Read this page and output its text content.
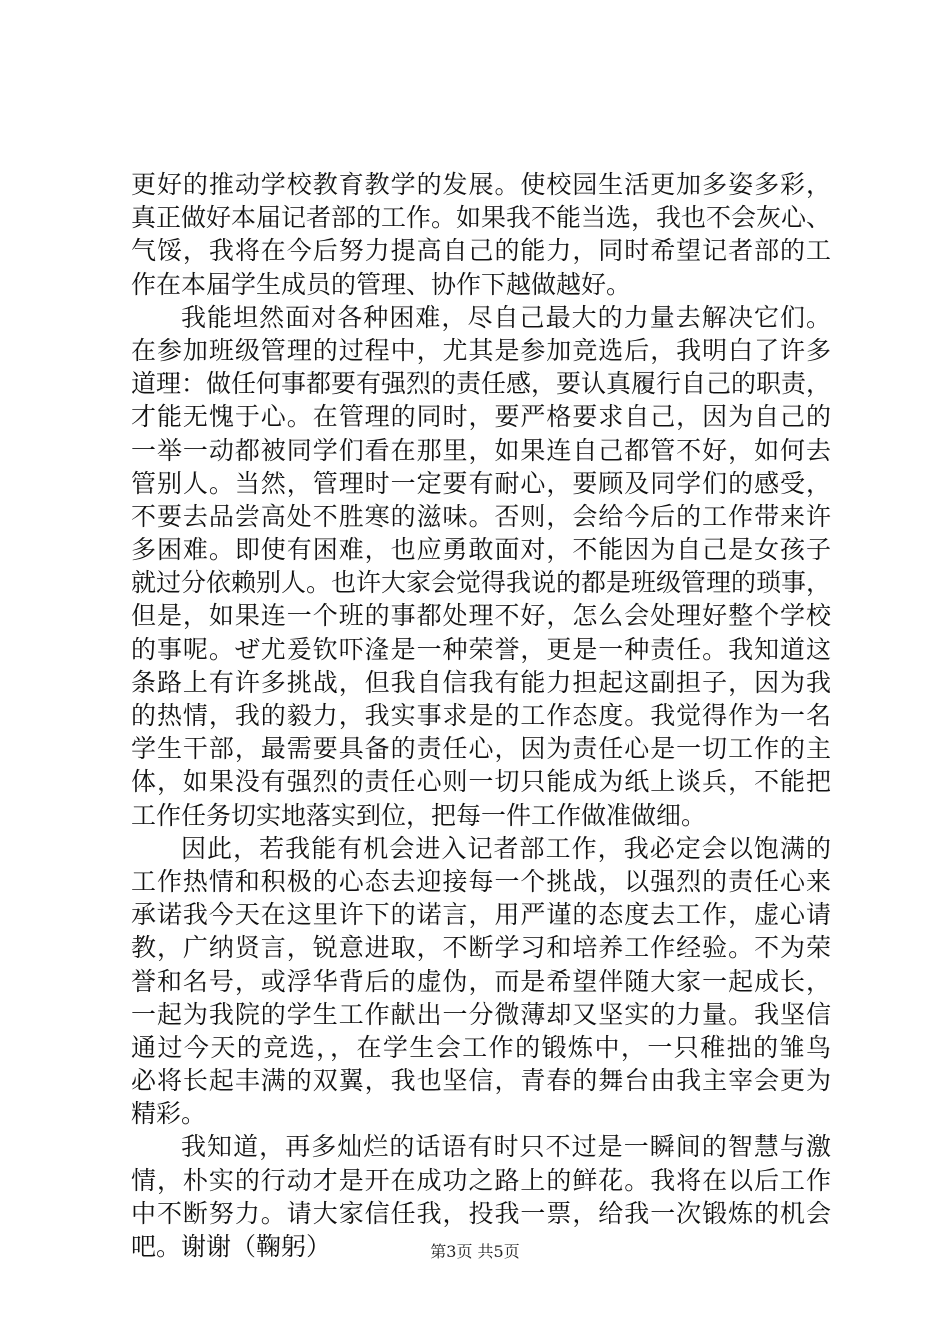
更好的推动学校教育教学的发展。使校园生活更加多姿多彩，
真正做好本届记者部的工作。如果我不能当选，我也不会灰心、
气馁，我将在今后努力提高自己的能力，同时希望记者部的工
作在本届学生成员的管理、协作下越做越好。
我能坦然面对各种困难，尽自己最大的力量去解决它们。
在参加班级管理的过程中，尤其是参加竞选后，我明白了许多
道理：做任何事都要有强烈的责任感，要认真履行自己的职责，
才能无愧于心。在管理的同时，要严格要求自己，因为自己的
一举一动都被同学们看在那里，如果连自己都管不好，如何去
管别人。当然，管理时一定要有耐心，要顾及同学们的感受，
不要去品尝高处不胜寒的滋味。否则，会给今后的工作带来许
多困难。即使有困难，也应勇敢面对，不能因为自己是女孩子
就过分依赖别人。也许大家会觉得我说的都是班级管理的琐事，
但是，如果连一个班的事都处理不好，怎么会处理好整个学校
的事呢。ぜ尤爰钦吓湰是一种荣誉，更是一种责任。我知道这
条路上有许多挑战，但我自信我有能力担起这副担子，因为我
的热情，我的毅力，我实事求是的工作态度。我觉得作为一名
学生干部，最需要具备的责任心，因为责任心是一切工作的主
体，如果没有强烈的责任心则一切只能成为纸上谈兵，不能把
工作任务切实地落实到位，把每一件工作做准做细。
因此，若我能有机会进入记者部工作，我必定会以饱满的
工作热情和积极的心态去迎接每一个挑战，以强烈的责任心来
承诺我今天在这里许下的诺言，用严谨的态度去工作，虚心请
教，广纳贤言，锐意进取，不断学习和培养工作经验。不为荣
誉和名号，或浮华背后的虚伪，而是希望伴随大家一起成长，
一起为我院的学生工作献出一分微薄却又坚实的力量。我坚信
通过今天的竞选，，在学生会工作的锻炼中，一只稚拙的雏鸟
必将长起丰满的双翼，我也坚信，青春的舞台由我主宰会更为
精彩。
我知道，再多灿烂的话语有时只不过是一瞬间的智慧与激
情，朴实的行动才是开在成功之路上的鲜花。我将在以后工作
中不断努力。请大家信任我，投我一票，给我一次锻炼的机会
吧。谢谢（鞠躬）	第3页 共5页
